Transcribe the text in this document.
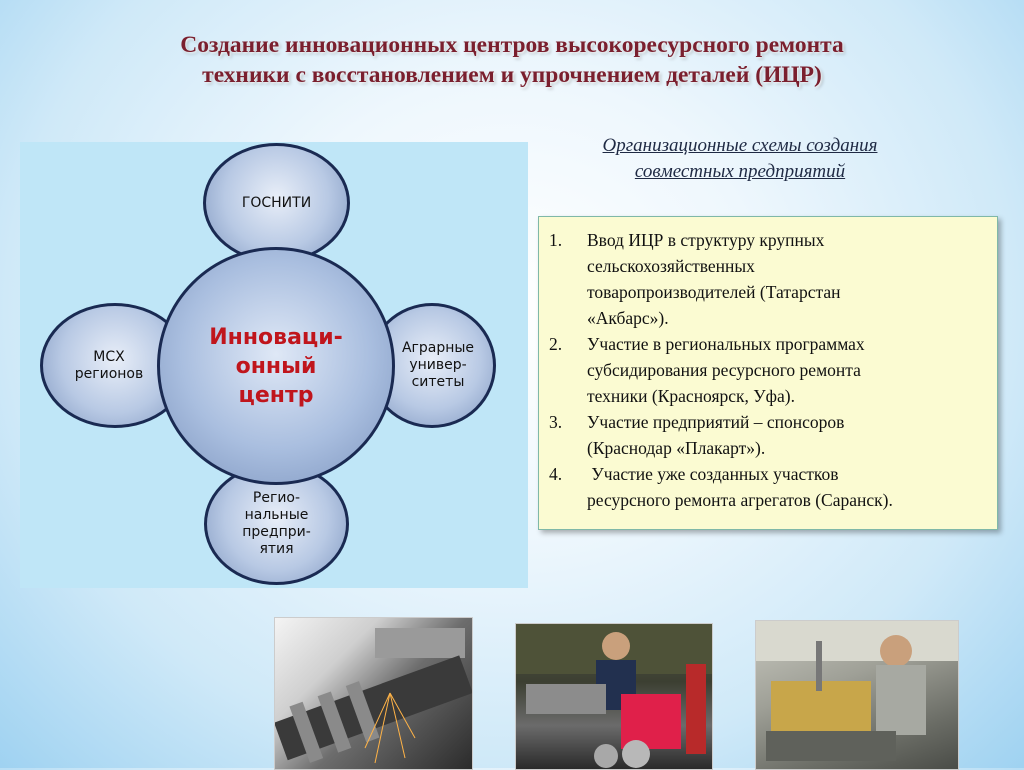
Создание инновационных центров высокоресурсного ремонта
техники с восстановлением и упрочнением деталей (ИЦР)
Организационные схемы создания
совместных предприятий
ГОСНИТИ
МСХ
регионов
Аграрные
универ-
ситеты
Регио-
нальные
предпри-
ятия
Инноваци-
онный
центр
1.	Ввод ИЦР в структуру крупных
сельскохозяйственных
товаропроизводителей (Татарстан
«Акбарс»).
2.	Участие в региональных программах
субсидирования ресурсного ремонта
техники (Красноярск, Уфа).
3.	Участие предприятий – спонсоров
(Краснодар «Плакарт»).
4.	Участие уже созданных участков
ресурсного ремонта агрегатов (Саранск).
